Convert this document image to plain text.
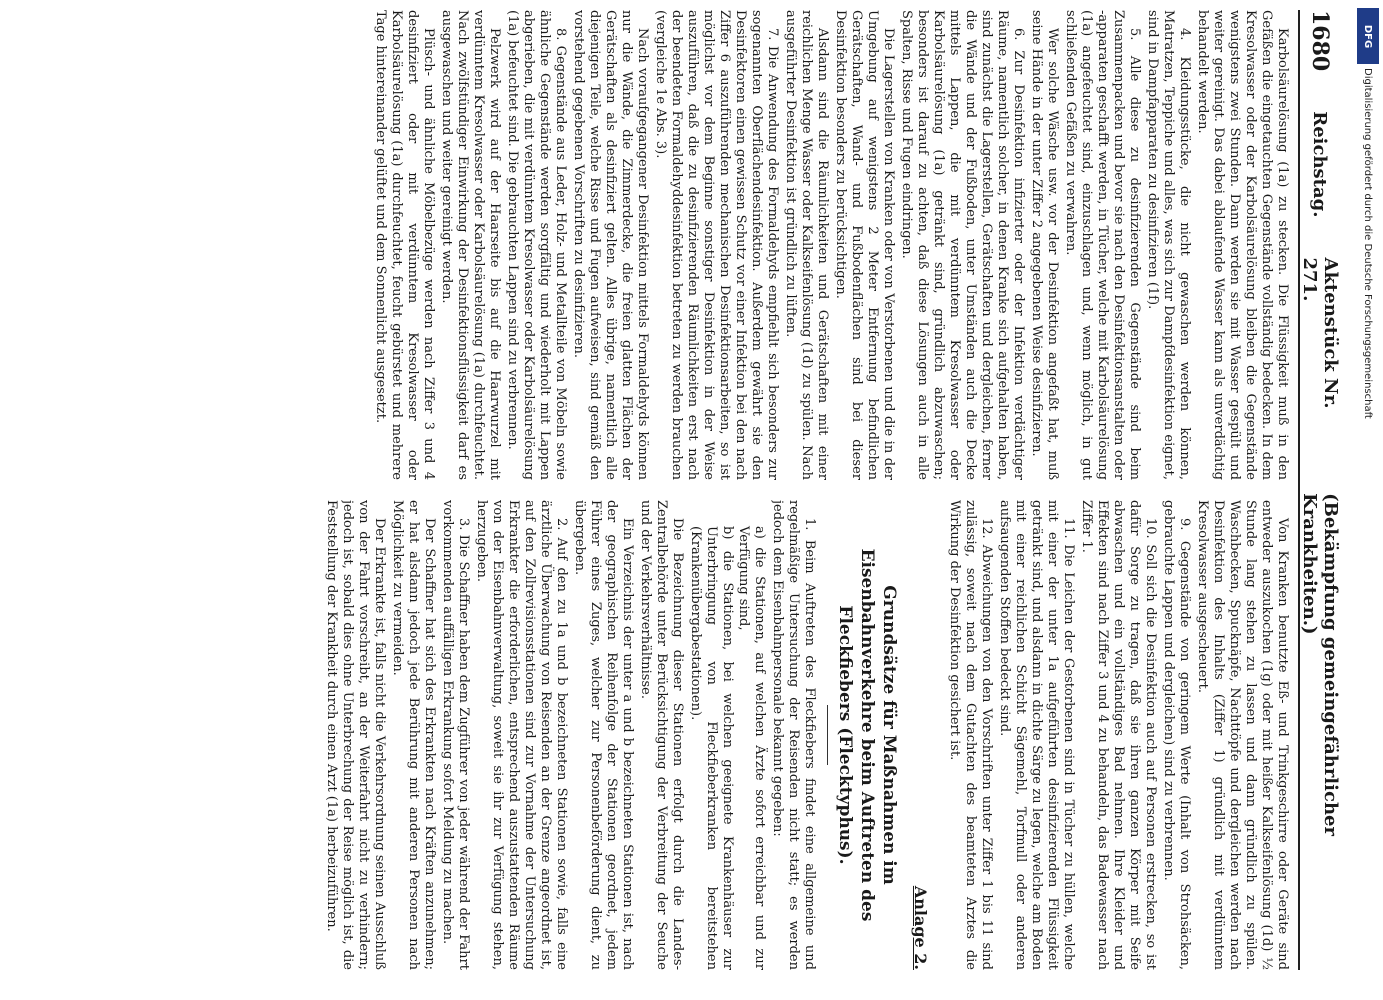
1680
Reichstag.
Aktenstück Nr. 271.
(Bekämpfung gemeingefährlicher Krankheiten.)

Karbolsäurelösung (1a) zu stecken. Die Flüssigkeit muß in den Gefäßen die eingetauchten Gegenstände vollständig bedecken. In dem Kresolwasser oder der Karbolsäurelösung bleiben die Gegenstände wenigstens zwei Stunden. Dann werden sie mit Wasser gespült und weiter gereinigt. Das dabei ablaufende Wasser kann als unverdächtig behandelt werden.

4. Kleidungsstücke, die nicht gewaschen werden können, Matratzen, Teppiche und alles, was sich zur Dampfdesinfektion eignet, sind in Dampfapparaten zu desinfizieren (1f).

5. Alle diese zu desinfizierenden Gegenstände sind beim Zusammenpacken und bevor sie nach den Desinfektionsanstalten oder -apparaten geschafft werden, in Tücher, welche mit Karbolsäurelösung (1a) angefeuchtet sind, einzuschlagen und, wenn möglich, in gut schließenden Gefäßen zu verwahren.

Wer solche Wäsche usw. vor der Desinfektion angefaßt hat, muß seine Hände in der unter Ziffer 2 angegebenen Weise desinfizieren.

6. Zur Desinfektion infizierter oder der Infektion verdächtiger Räume, namentlich solcher, in denen Kranke sich aufgehalten haben, sind zunächst die Lagerstellen, Gerätschaften und dergleichen, ferner die Wände und der Fußboden, unter Umständen auch die Decke mittels Lappen, die mit verdünntem Kresolwasser oder Karbolsäurelösung (1a) getränkt sind, gründlich abzuwaschen; besonders ist darauf zu achten, daß diese Lösungen auch in alle Spalten, Risse und Fugen eindringen.

Die Lagerstellen von Kranken oder von Verstorbenen und die in der Umgebung auf wenigstens 2 Meter Entfernung befindlichen Gerätschaften, Wand- und Fußbodenflächen sind bei dieser Desinfektion besonders zu berücksichtigen.

Alsdann sind die Räumlichkeiten und Gerätschaften mit einer reichlichen Menge Wasser oder Kalkseifenlösung (1d) zu spülen. Nach ausgeführter Desinfektion ist gründlich zu lüften.

7. Die Anwendung des Formaldehyds empfiehlt sich besonders zur sogenannten Oberflächendesinfektion. Außerdem gewährt sie den Desinfektoren einen gewissen Schutz vor einer Infektion bei den nach Ziffer 6 auszuführenden mechanischen Desinfektionsarbeiten, so ist möglichst vor dem Beginne sonstiger Desinfektion in der Weise auszuführen, daß die zu desinfizierenden Räumlichkeiten erst nach der beendeten Formaldehyddesinfektion betreten zu werden brauchen (vergleiche 1e Abs. 3).

Nach voraufgegangener Desinfektion mittels Formaldehyds können nur die Wände, die Zimmerdecke, die freien glatten Flächen der Gerätschaften als desinfiziert gelten. Alles übrige, namentlich alle diejenigen Teile, welche Risse und Fugen aufweisen, sind gemäß den vorstehend gegebenen Vorschriften zu desinfizieren.

8. Gegenstände aus Leder, Holz- und Metallteile von Möbeln sowie ähnliche Gegenstände werden sorgfältig und wiederholt mit Lappen abgerieben, die mit verdünntem Kresolwasser oder Karbolsäurelösung (1a) befeuchtet sind. Die gebrauchten Lappen sind zu verbrennen.

Pelzwerk wird auf der Haarseite bis auf die Haarwurzel mit verdünntem Kresolwasser oder Karbolsäurelösung (1a) durchfeuchtet. Nach zwölfstündiger Einwirkung der Desinfektionsflüssigkeit darf es ausgewaschen und weiter gereinigt werden.

Plüsch- und ähnliche Möbelbezüge werden nach Ziffer 3 und 4 desinfiziert oder mit verdünntem Kresolwasser oder Karbolsäurelösung (1a) durchfeuchtet, feucht gebürstet und mehrere Tage hintereinander gelüftet und dem Sonnenlicht ausgesetzt.

Von Kranken benutzte Eß- und Trinkgeschirre oder Geräte sind entweder auszukochen (1g) oder mit heißer Kalkseifenlösung (1d) ½ Stunde lang stehen zu lassen und dann gründlich zu spülen. Waschbecken, Spucknäpfe, Nachttöpfe und dergleichen werden nach Desinfektion des Inhalts (Ziffer 1) gründlich mit verdünntem Kresolwasser ausgescheuert.

9. Gegenstände von geringem Werte (Inhalt von Strohsäcken, gebrauchte Lappen und dergleichen) sind zu verbrennen.

10. Soll sich die Desinfektion auch auf Personen erstrecken, so ist dafür Sorge zu tragen, daß sie ihren ganzen Körper mit Seife abwaschen und ein vollständiges Bad nehmen. Ihre Kleider und Effekten sind nach Ziffer 3 und 4 zu behandeln, das Badewasser nach Ziffer 1.

11. Die Leichen der Gestorbenen sind in Tücher zu hüllen, welche mit einer der unter 1a aufgeführten desinfizierenden Flüssigkeit getränkt sind, und alsdann in dichte Särge zu legen, welche am Boden mit einer reichlichen Schicht Sägemehl, Torfmull oder anderen aufsaugenden Stoffen bedeckt sind.

12. Abweichungen von den Vorschriften unter Ziffer 1 bis 11 sind zulässig, soweit nach dem Gutachten des beamteten Arztes die Wirkung der Desinfektion gesichert ist.

Anlage 2.
Grundsätze für Maßnahmen im Eisenbahnverkehre beim Auftreten des Fleckfiebers (Flecktyphus).

1. Beim Auftreten des Fleckfiebers findet eine allgemeine und regelmäßige Untersuchung der Reisenden nicht statt; es werden jedoch dem Eisenbahnpersonale bekannt gegeben:

a) die Stationen, auf welchen Ärzte sofort erreichbar und zur Verfügung sind,
b) die Stationen, bei welchen geeignete Krankenhäuser zur Unterbringung von Fleckfieberkranken bereitstehen (Krankenübergabestationen).

Die Bezeichnung dieser Stationen erfolgt durch die Landes-Zentralbehörde unter Berücksichtigung der Verbreitung der Seuche und der Verkehrsverhältnisse.

Ein Verzeichnis der unter a und b bezeichneten Stationen ist, nach der geographischen Reihenfolge der Stationen geordnet, jedem Führer eines Zuges, welcher zur Personenbeförderung dient, zu übergeben.

2. Auf den zu 1a und b bezeichneten Stationen sowie, falls eine ärztliche Überwachung von Reisenden an der Grenze angeordnet ist, auf den Zollrevisionsstationen sind zur Vornahme der Untersuchung Erkrankter die erforderlichen, entsprechend auszustattenden Räume von der Eisenbahnverwaltung, soweit sie ihr zur Verfügung stehen, herzugeben.

3. Die Schaffner haben dem Zugführer von jeder während der Fahrt vorkommenden auffälligen Erkrankung sofort Meldung zu machen.

Der Schaffner hat sich des Erkrankten nach Kräften anzunehmen; er hat alsdann jedoch jede Berührung mit anderen Personen nach Möglichkeit zu vermeiden.

Der Erkrankte ist, falls nicht die Verkehrsordnung seinen Ausschluß von der Fahrt vorschreibt, an der Weiterfahrt nicht zu verhindern; jedoch ist, sobald dies ohne Unterbrechung der Reise möglich ist, die Feststellung der Krankheit durch einen Arzt (1a) herbeizuführen.

DFG
Digitalisierung gefördert durch die Deutsche Forschungsgemeinschaft
